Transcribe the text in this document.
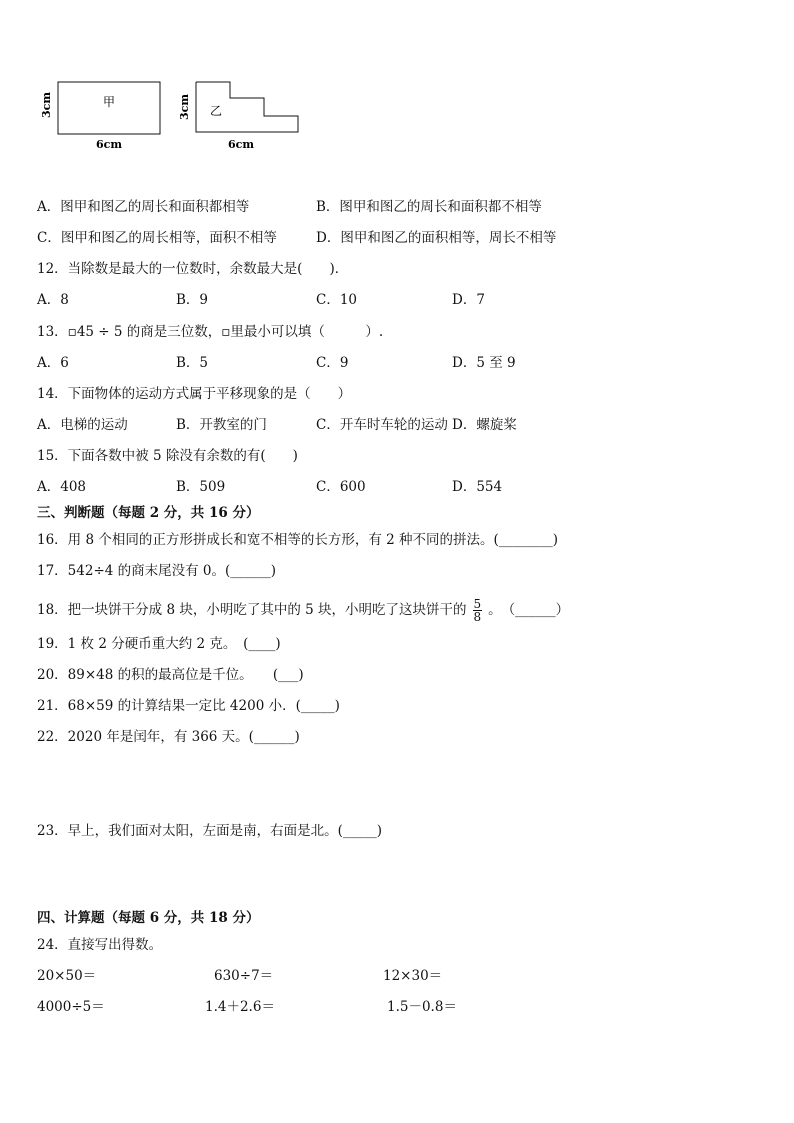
甲
3cm
6cm
乙
3cm
6cm
A．图甲和图乙的周长和面积都相等	B．图甲和图乙的周长和面积都不相等
C．图甲和图乙的周长相等，面积不相等	D．图甲和图乙的面积相等，周长不相等
12．当除数是最大的一位数时，余数最大是(　　)．
A．8	B．9	C．10	D．7
13．▫45 ÷ 5 的商是三位数，▫里最小可以填（　　　）.
A．6	B．5	C．9	D．5 至 9
14．下面物体的运动方式属于平移现象的是（　　）
A．电梯的运动	B．开教室的门	C．开车时车轮的运动 D．螺旋桨
15．下面各数中被 5 除没有余数的有(　　)
A．408	B．509	C．600	D．554
三、判断题（每题 2 分，共 16 分）
16．用 8 个相同的正方形拼成长和宽不相等的长方形，有 2 种不同的拼法。(________)
17．542÷4 的商末尾没有 0。(______)
18．把一块饼干分成 8 块，小明吃了其中的 5 块，小明吃了这块饼干的 $\frac{5}{8}$ 。　（______）
19．1 枚 2 分硬币重大约 2 克。　(____)
20．89×48 的积的最高位是千位。　　(___)
21．68×59 的计算结果一定比 4200 小．(_____)
22．2020 年是闰年，有 366 天。(______)
23．早上，我们面对太阳，左面是南，右面是北。(_____)
四、计算题（每题 6 分，共 18 分）
24．直接写出得数。
20×50＝	630÷7＝	12×30＝
4000÷5＝	1.4＋2.6＝	1.5－0.8＝
